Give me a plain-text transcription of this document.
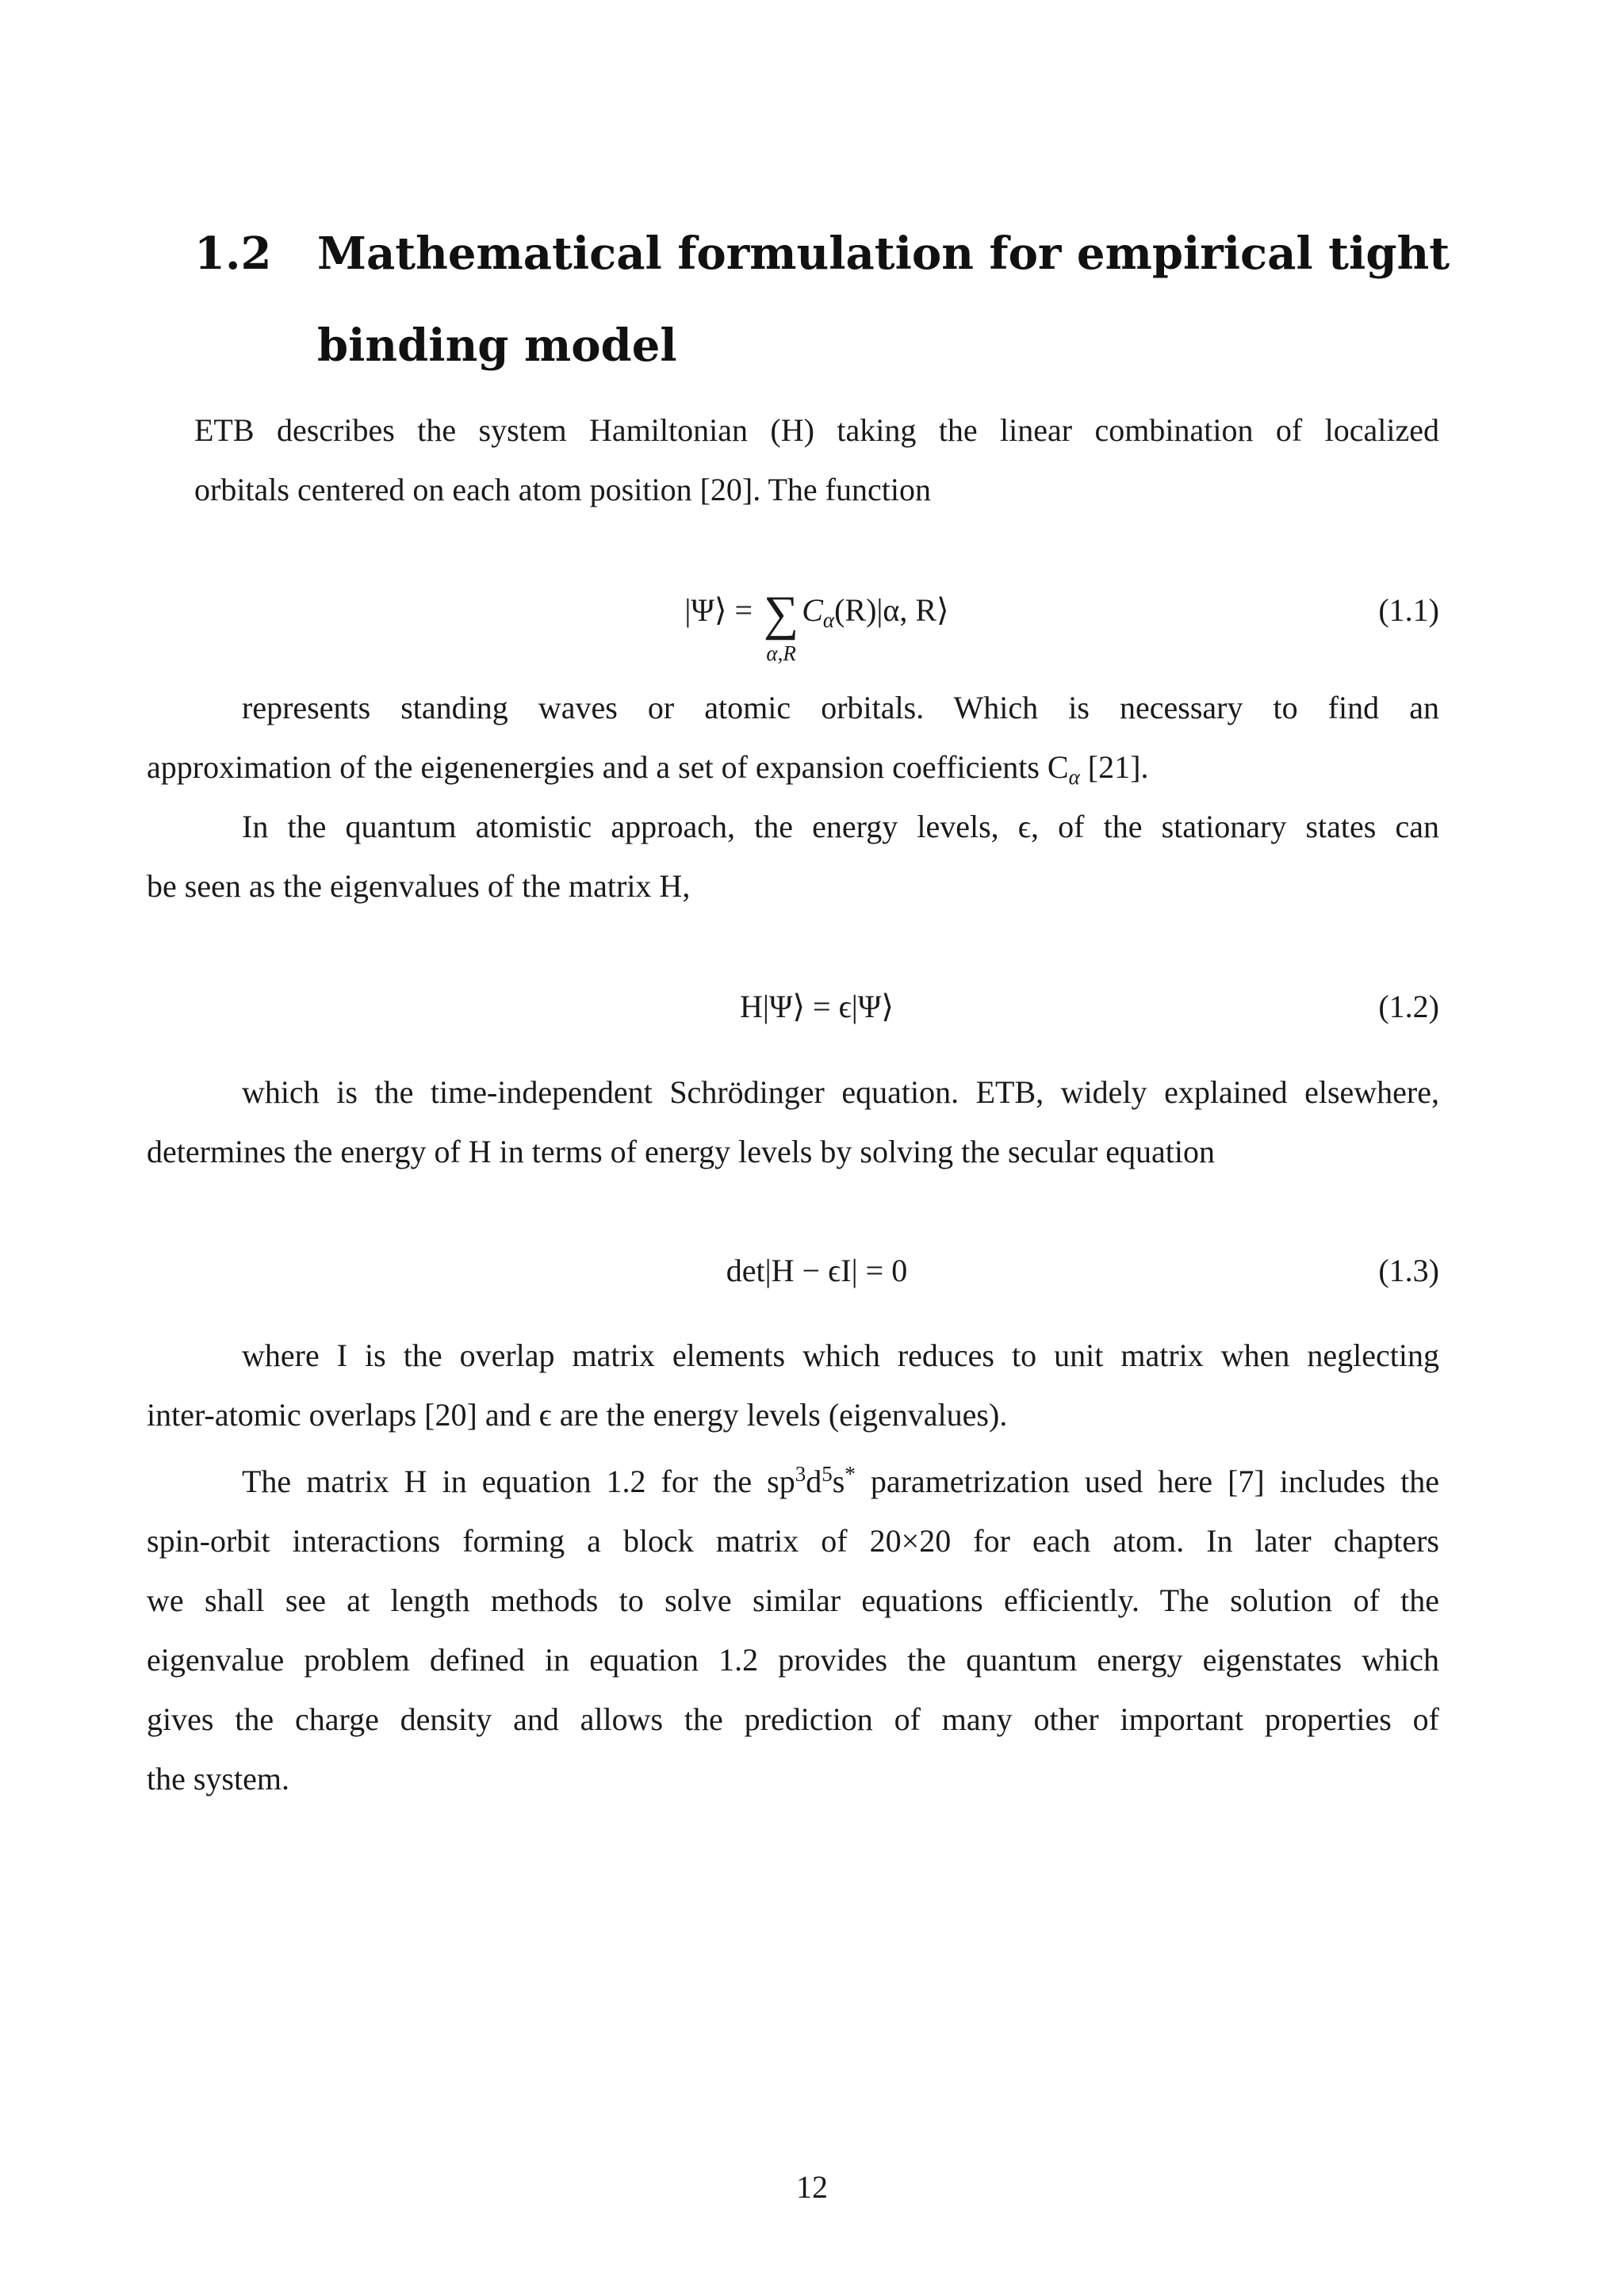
1.2 Mathematical formulation for empirical tight
binding model
ETB describes the system Hamiltonian (H) taking the linear combination of localized
orbitals centered on each atom position [20]. The function
|Ψ⟩ = ∑
α,R
$C_\alpha(R)|\alpha$, R⟩	(1.1)
represents standing waves or atomic orbitals. Which is necessary to find an
approximation of the eigenenergies and a set of expansion coefficients $C_\alpha$ [21].
In the quantum atomistic approach, the energy levels, ϵ, of the stationary states can
be seen as the eigenvalues of the matrix H,
H|Ψ⟩ = ϵ|Ψ⟩	(1.2)
which is the time-independent Schrödinger equation. ETB, widely explained elsewhere,
determines the energy of H in terms of energy levels by solving the secular equation
det|H − ϵI| = 0	(1.3)
where I is the overlap matrix elements which reduces to unit matrix when neglecting
inter-atomic overlaps [20] and ϵ are the energy levels (eigenvalues).
The matrix H in equation 1.2 for the $sp^3d^5s^*$ parametrization used here [7] includes the
spin-orbit interactions forming a block matrix of 20×20 for each atom. In later chapters
we shall see at length methods to solve similar equations efficiently. The solution of the
eigenvalue problem defined in equation 1.2 provides the quantum energy eigenstates which
gives the charge density and allows the prediction of many other important properties of
the system.
12
